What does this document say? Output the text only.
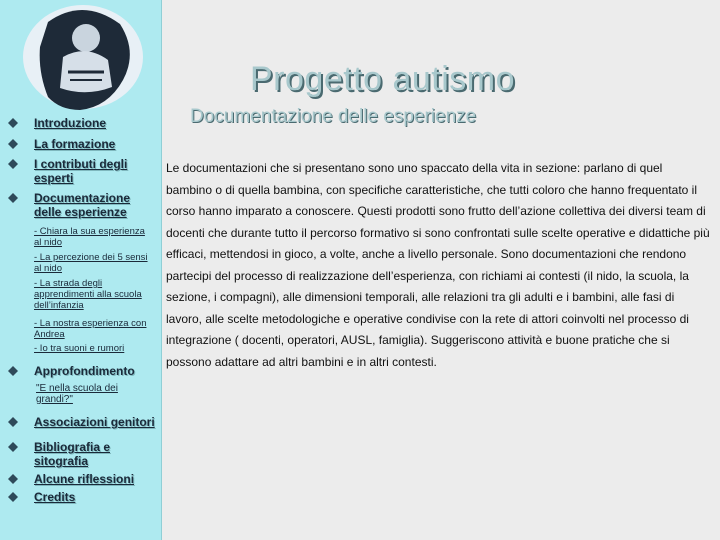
Introduzione
La formazione
I contributi degli esperti
Documentazione delle esperienze
- Chiara la sua esperienza al nido
- La percezione dei 5 sensi al nido
- La strada degli apprendimenti alla scuola dell’infanzia
- La nostra esperienza con Andrea
- Io tra suoni e rumori
Approfondimento
"E nella scuola dei grandi?"
Associazioni genitori
Bibliografia e sitografia
Alcune riflessioni
Credits
Progetto autismo
Documentazione delle esperienze
Le documentazioni che si presentano sono uno spaccato della vita in sezione: parlano di quel bambino o di quella bambina, con specifiche caratteristiche, che tutti coloro che hanno frequentato il corso hanno imparato a conoscere. Questi prodotti sono frutto dell’azione collettiva dei diversi team di docenti che durante tutto il percorso formativo si sono confrontati sulle scelte operative e didattiche più efficaci, mettendosi in gioco, a volte, anche a livello personale. Sono documentazioni che rendono partecipi del processo di realizzazione dell’esperienza, con richiami ai contesti (il nido, la scuola, la sezione, i compagni), alle dimensioni temporali, alle relazioni tra gli adulti e i bambini, alle fasi di lavoro, alle scelte metodologiche e operative condivise con la rete di attori coinvolti nel processo di integrazione ( docenti, operatori, AUSL, famiglia). Suggeriscono attività e buone pratiche che si possono adattare ad altri bambini e in altri contesti.
